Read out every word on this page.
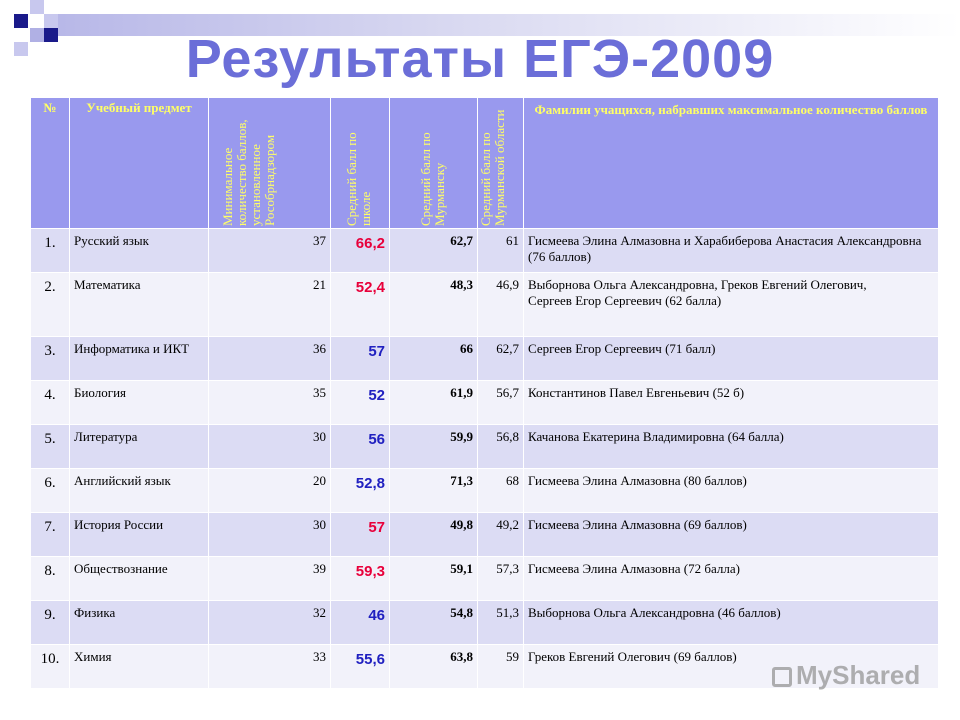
Результаты ЕГЭ-2009
№	Учебный предмет	Минимальное количество баллов, установленное Рособрнадзором	Средний балл по школе	Средний балл по Мурманску	Средний балл по Мурманской области	Фамилии учащихся, набравших максимальное количество баллов
1.	Русский язык	37	66,2	62,7	61	Гисмеева Элина Алмазовна и Харабиберова Анастасия Александровна (76 баллов)
2.	Математика	21	52,4	48,3	46,9	Выборнова Ольга Александровна, Греков Евгений Олегович,
Сергеев Егор Сергеевич (62 балла)
3.	Информатика и ИКТ	36	57	66	62,7	Сергеев Егор Сергеевич (71 балл)
4.	Биология	35	52	61,9	56,7	Константинов Павел Евгеньевич (52 б)
5.	Литература	30	56	59,9	56,8	Качанова Екатерина Владимировна (64 балла)
6.	Английский язык	20	52,8	71,3	68	Гисмеева Элина Алмазовна (80 баллов)
7.	История России	30	57	49,8	49,2	Гисмеева Элина Алмазовна (69 баллов)
8.	Обществознание	39	59,3	59,1	57,3	Гисмеева Элина Алмазовна (72 балла)
9.	Физика	32	46	54,8	51,3	Выборнова Ольга Александровна (46 баллов)
10.	Химия	33	55,6	63,8	59	Греков Евгений Олегович (69 баллов)
MyShared
